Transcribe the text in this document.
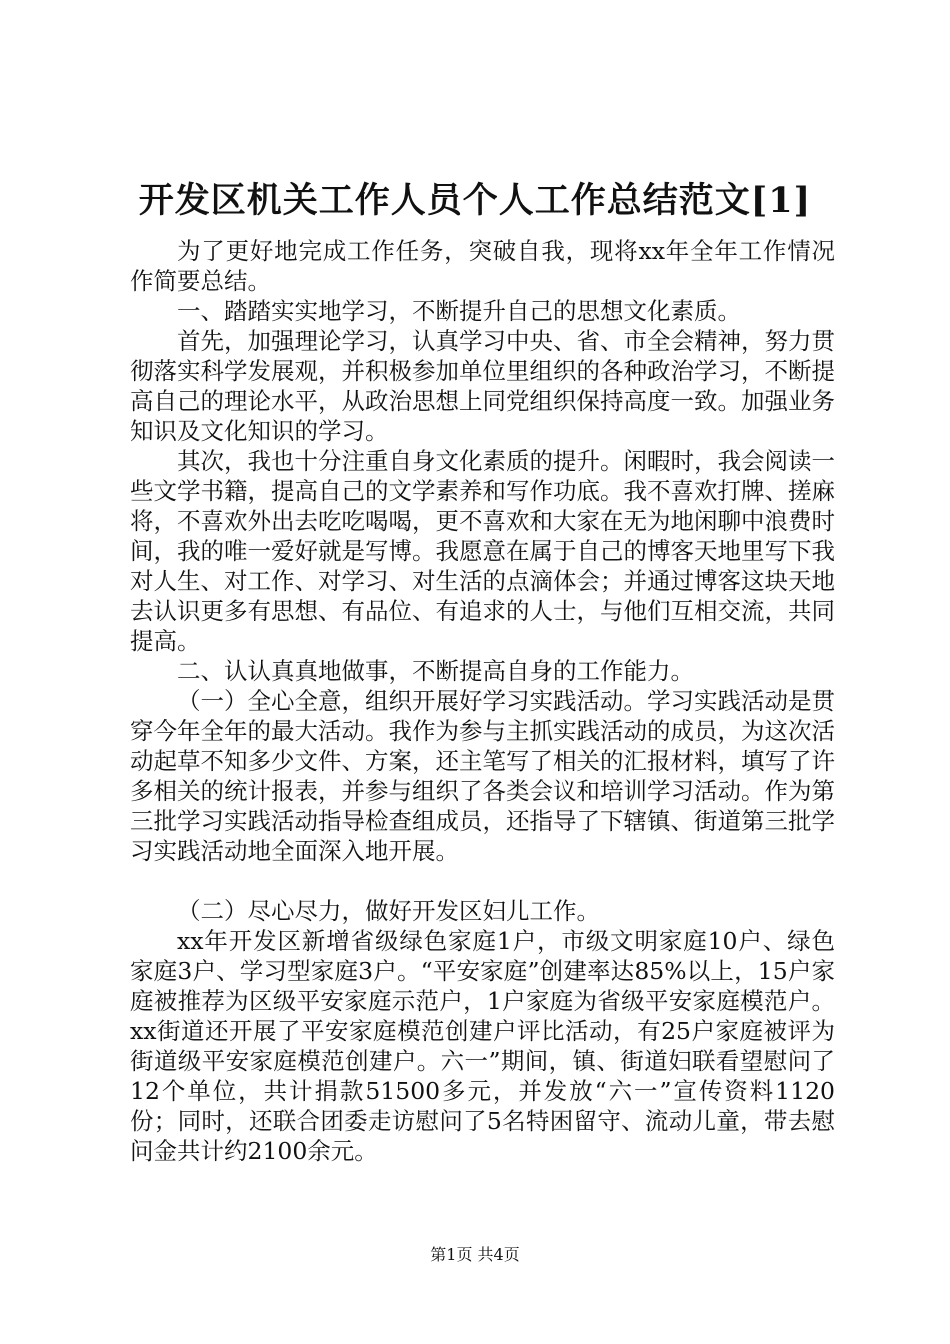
开发区机关工作人员个人工作总结范文[1]

为了更好地完成工作任务，突破自我，现将xx年全年工作情况作简要总结。

一、踏踏实实地学习，不断提升自己的思想文化素质。

首先，加强理论学习，认真学习中央、省、市全会精神，努力贯彻落实科学发展观，并积极参加单位里组织的各种政治学习，不断提高自己的理论水平，从政治思想上同党组织保持高度一致。加强业务知识及文化知识的学习。

其次，我也十分注重自身文化素质的提升。闲暇时，我会阅读一些文学书籍，提高自己的文学素养和写作功底。我不喜欢打牌、搓麻将，不喜欢外出去吃吃喝喝，更不喜欢和大家在无为地闲聊中浪费时间，我的唯一爱好就是写博。我愿意在属于自己的博客天地里写下我对人生、对工作、对学习、对生活的点滴体会；并通过博客这块天地去认识更多有思想、有品位、有追求的人士，与他们互相交流，共同提高。

二、认认真真地做事，不断提高自身的工作能力。

（一）全心全意，组织开展好学习实践活动。学习实践活动是贯穿今年全年的最大活动。我作为参与主抓实践活动的成员，为这次活动起草不知多少文件、方案，还主笔写了相关的汇报材料，填写了许多相关的统计报表，并参与组织了各类会议和培训学习活动。作为第三批学习实践活动指导检查组成员，还指导了下辖镇、街道第三批学习实践活动地全面深入地开展。

（二）尽心尽力，做好开发区妇儿工作。

xx年开发区新增省级绿色家庭1户，市级文明家庭10户、绿色家庭3户、学习型家庭3户。“平安家庭”创建率达85%以上，15户家庭被推荐为区级平安家庭示范户，1户家庭为省级平安家庭模范户。xx街道还开展了平安家庭模范创建户评比活动，有25户家庭被评为街道级平安家庭模范创建户。六一”期间，镇、街道妇联看望慰问了12个单位，共计捐款51500多元，并发放“六一”宣传资料1120份；同时，还联合团委走访慰问了5名特困留守、流动儿童，带去慰问金共计约2100余元。

第1页 共4页
